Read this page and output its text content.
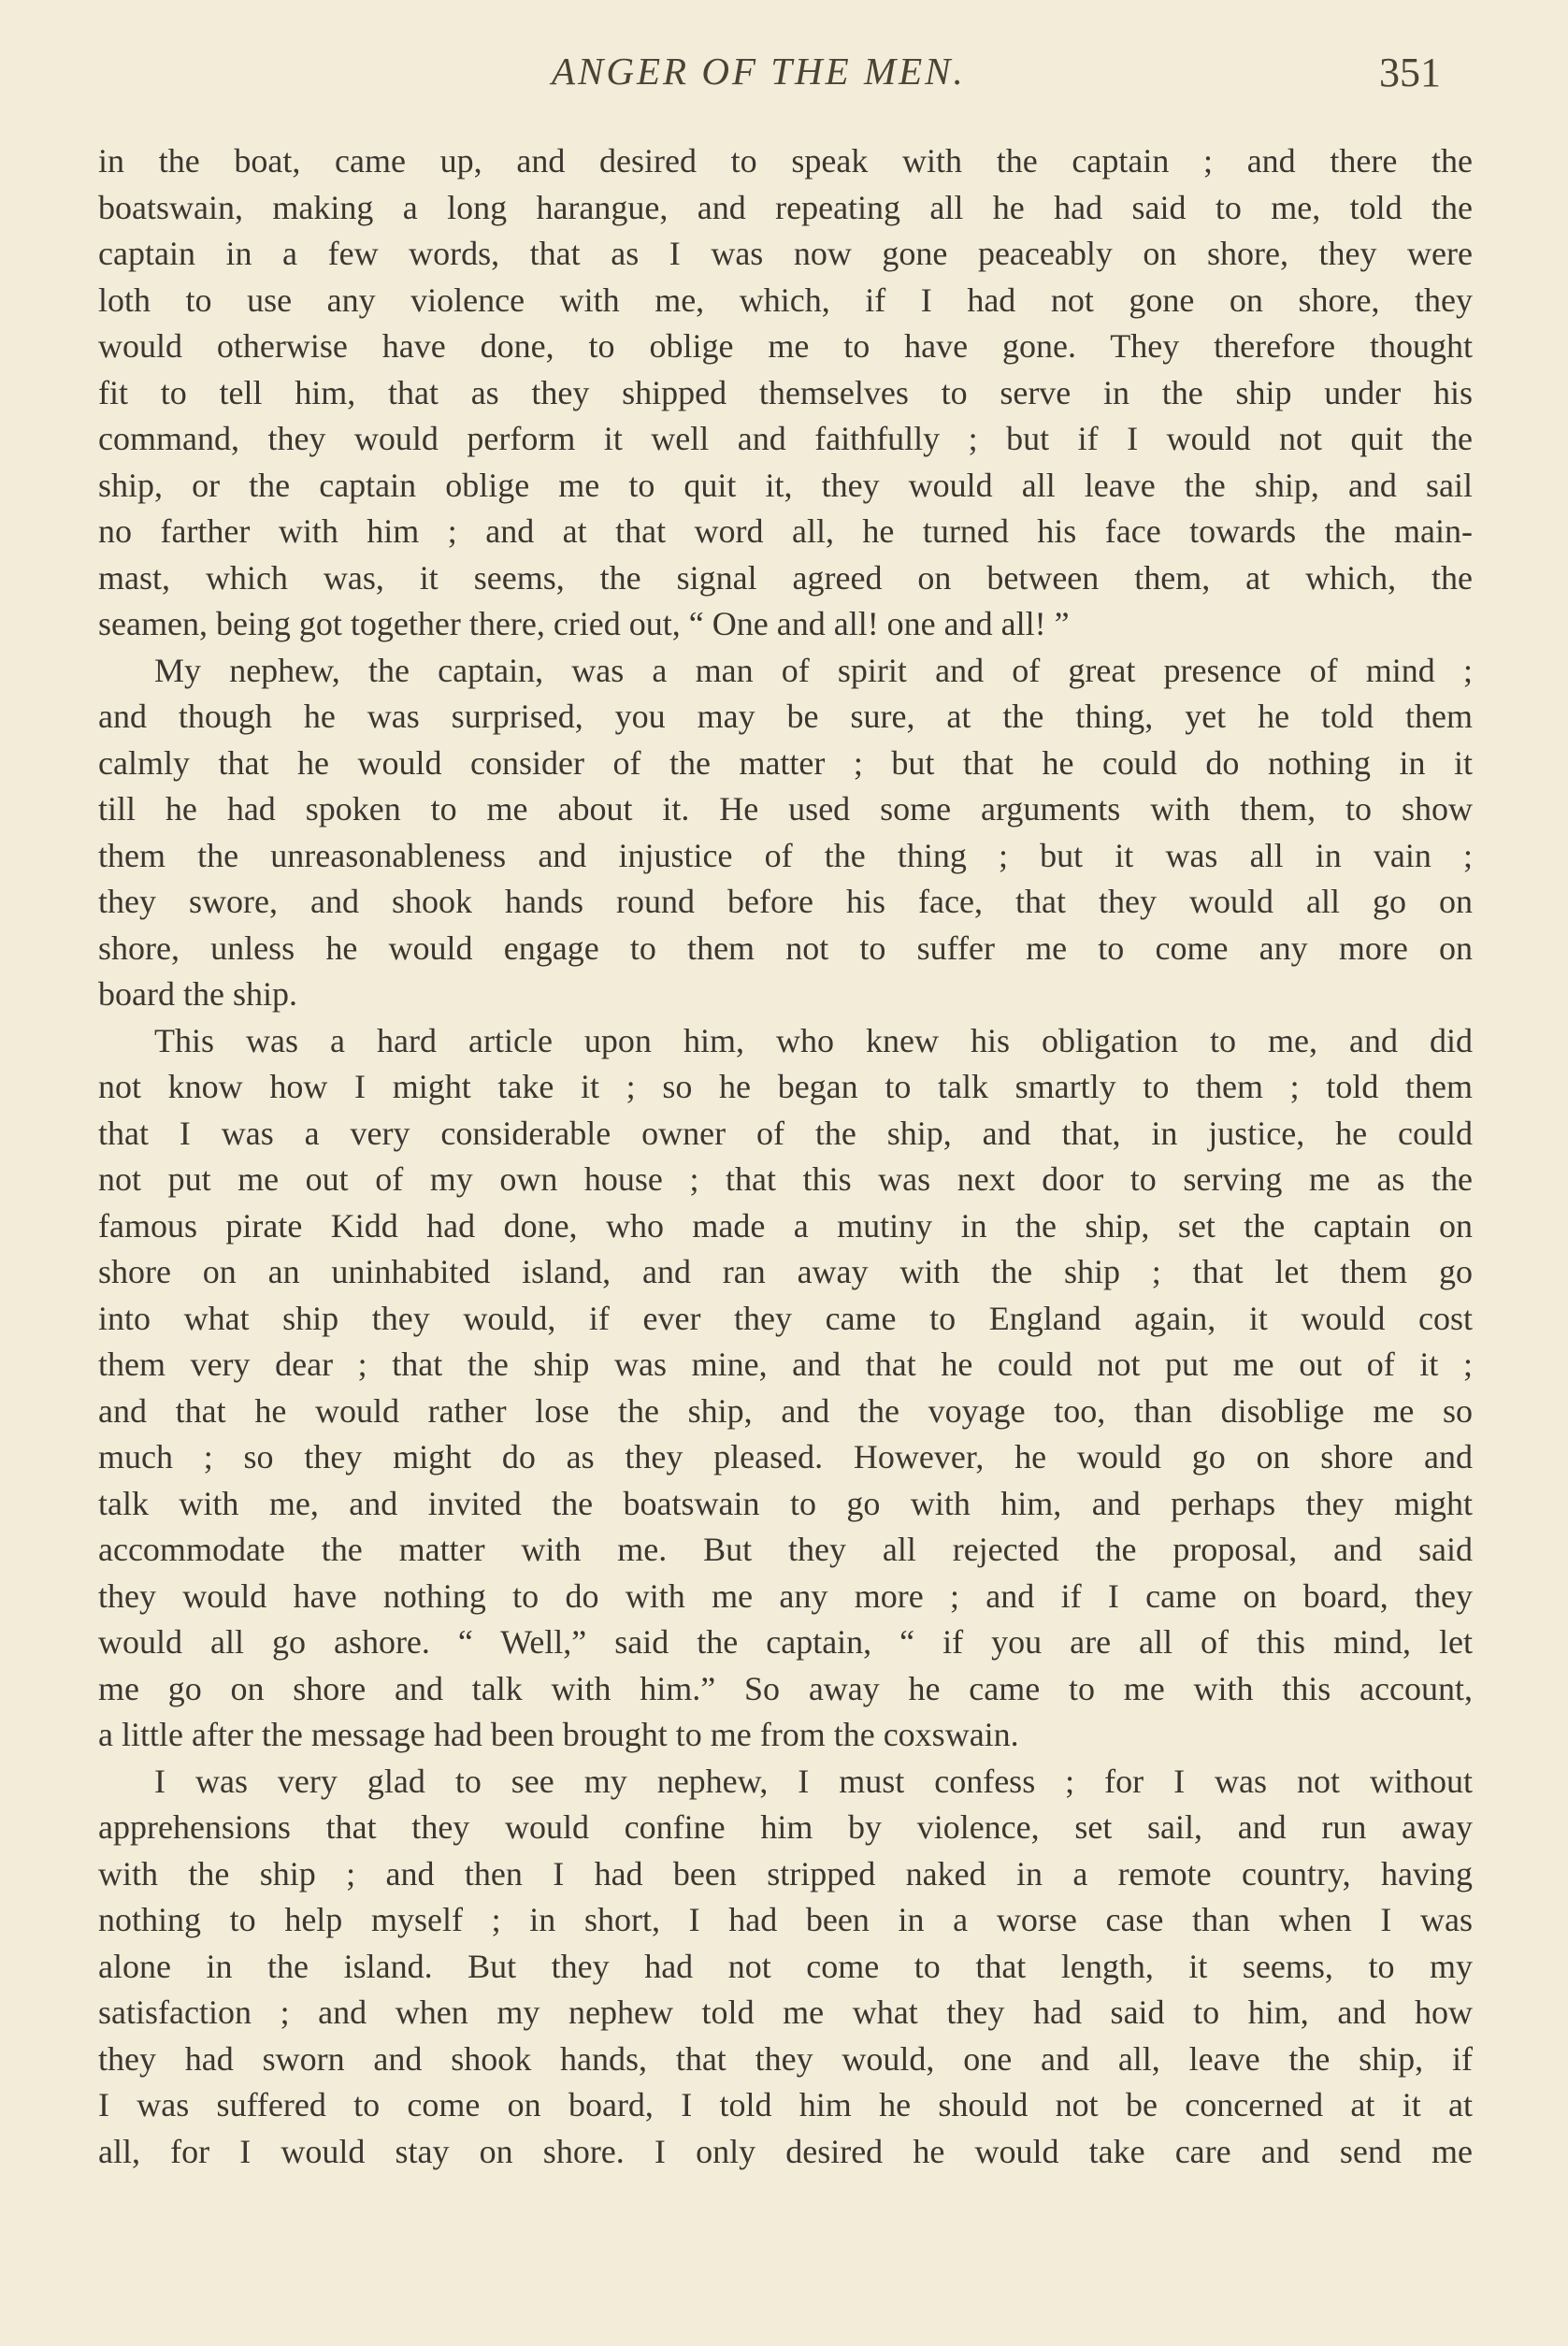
ANGER OF THE MEN.	351
in the boat, came up, and desired to speak with the captain ; and there the
boatswain, making a long harangue, and repeating all he had said to me, told the
captain in a few words, that as I was now gone peaceably on shore, they were
loth to use any violence with me, which, if I had not gone on shore, they
would otherwise have done, to oblige me to have gone. They therefore thought
fit to tell him, that as they shipped themselves to serve in the ship under his
command, they would perform it well and faithfully ; but if I would not quit the
ship, or the captain oblige me to quit it, they would all leave the ship, and sail
no farther with him ; and at that word all, he turned his face towards the main-
mast, which was, it seems, the signal agreed on between them, at which, the
seamen, being got together there, cried out, “ One and all! one and all! ”
My nephew, the captain, was a man of spirit and of great presence of mind ;
and though he was surprised, you may be sure, at the thing, yet he told them
calmly that he would consider of the matter ; but that he could do nothing in it
till he had spoken to me about it. He used some arguments with them, to show
them the unreasonableness and injustice of the thing ; but it was all in vain ;
they swore, and shook hands round before his face, that they would all go on
shore, unless he would engage to them not to suffer me to come any more on
board the ship.
This was a hard article upon him, who knew his obligation to me, and did
not know how I might take it ; so he began to talk smartly to them ; told them
that I was a very considerable owner of the ship, and that, in justice, he could
not put me out of my own house ; that this was next door to serving me as the
famous pirate Kidd had done, who made a mutiny in the ship, set the captain on
shore on an uninhabited island, and ran away with the ship ; that let them go
into what ship they would, if ever they came to England again, it would cost
them very dear ; that the ship was mine, and that he could not put me out of it ;
and that he would rather lose the ship, and the voyage too, than disoblige me so
much ; so they might do as they pleased. However, he would go on shore and
talk with me, and invited the boatswain to go with him, and perhaps they might
accommodate the matter with me. But they all rejected the proposal, and said
they would have nothing to do with me any more ; and if I came on board, they
would all go ashore. “ Well,” said the captain, “ if you are all of this mind, let
me go on shore and talk with him.” So away he came to me with this account,
a little after the message had been brought to me from the coxswain.
I was very glad to see my nephew, I must confess ; for I was not without
apprehensions that they would confine him by violence, set sail, and run away
with the ship ; and then I had been stripped naked in a remote country, having
nothing to help myself ; in short, I had been in a worse case than when I was
alone in the island. But they had not come to that length, it seems, to my
satisfaction ; and when my nephew told me what they had said to him, and how
they had sworn and shook hands, that they would, one and all, leave the ship, if
I was suffered to come on board, I told him he should not be concerned at it at
all, for I would stay on shore. I only desired he would take care and send me
